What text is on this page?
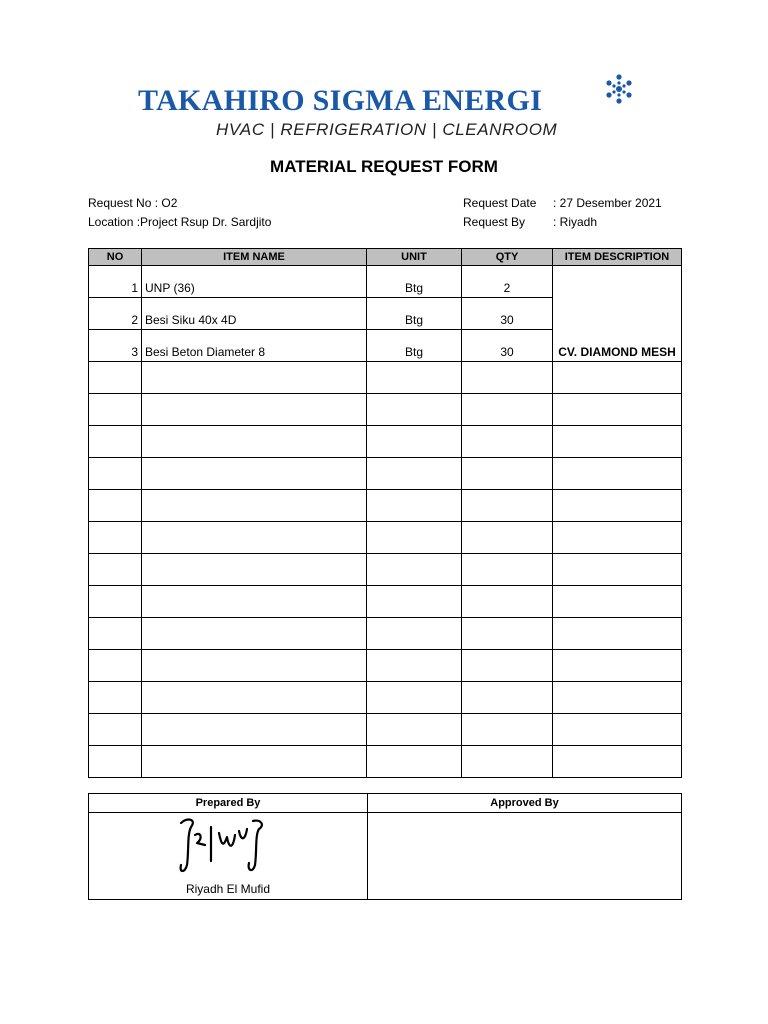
TAKAHIRO SIGMA ENERGI
HVAC | REFRIGERATION | CLEANROOM
MATERIAL REQUEST FORM
Request No : O2
Location :Project Rsup Dr. Sardjito
Request Date : 27 Desember 2021
Request By : Riyadh
NO	ITEM NAME	UNIT	QTY	ITEM DESCRIPTION
1	UNP (36)	Btg	2	CV. DIAMOND MESH
2	Besi Siku 40x 4D	Btg	30	
3	Besi Beton Diameter 8	Btg	30	

Prepared By	Approved By

Riyadh El Mufid	
